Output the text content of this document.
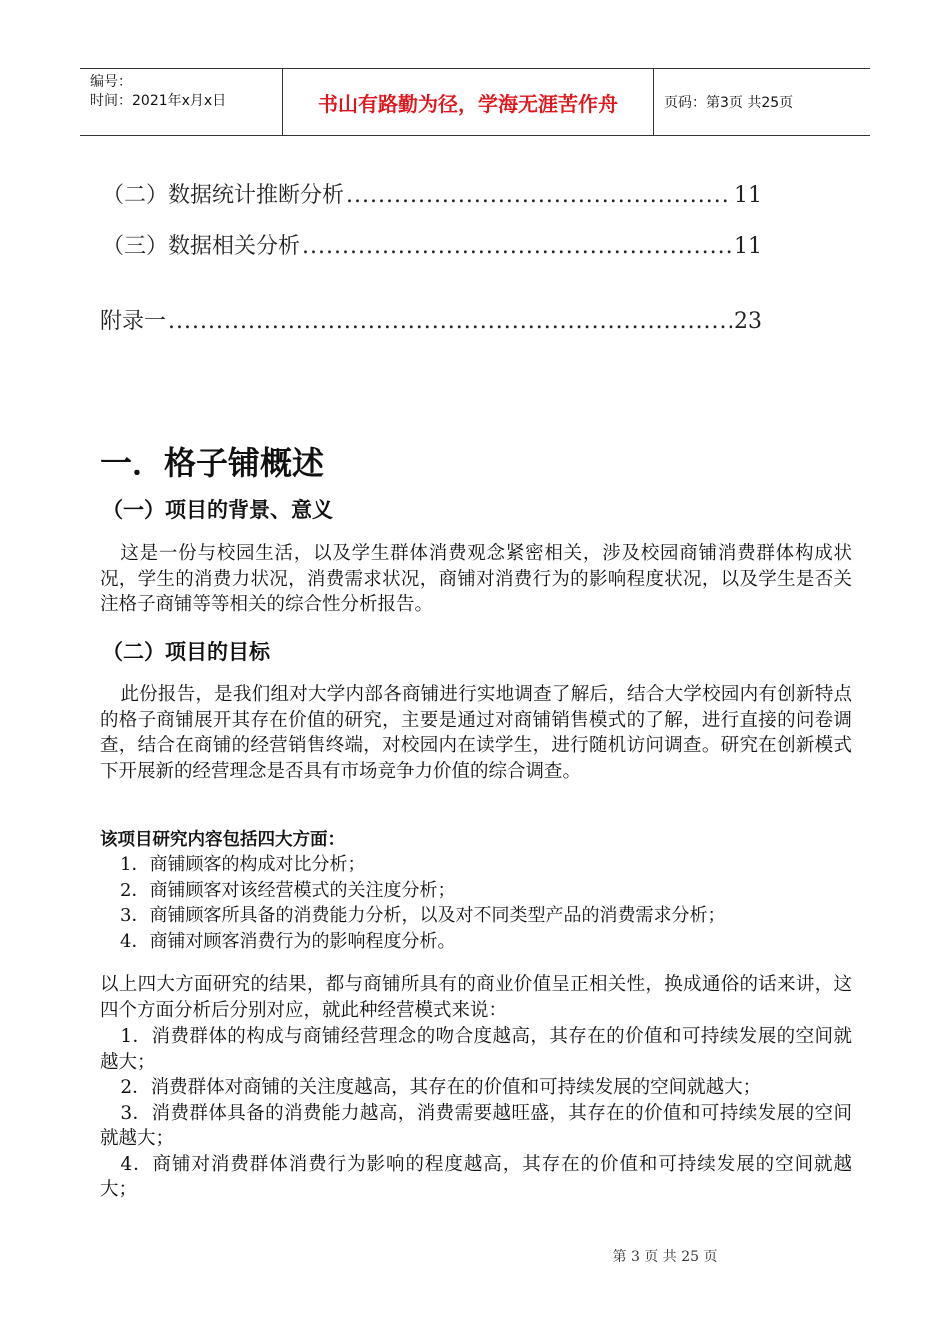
编号：
时间：2021年x月x日	书山有路勤为径，学海无涯苦作舟	页码：第3页 共25页
（二）数据统计推断分析 .....	11
（三）数据相关分析 .....	11
附录一 .....	23
一．格子铺概述
（一）项目的背景、意义
这是一份与校园生活，以及学生群体消费观念紧密相关，涉及校园商铺消费群体构成状况，学生的消费力状况，消费需求状况，商铺对消费行为的影响程度状况，以及学生是否关注格子商铺等等相关的综合性分析报告。
（二）项目的目标
此份报告，是我们组对大学内部各商铺进行实地调查了解后，结合大学校园内有创新特点的格子商铺展开其存在价值的研究，主要是通过对商铺销售模式的了解，进行直接的问卷调查，结合在商铺的经营销售终端，对校园内在读学生，进行随机访问调查。研究在创新模式下开展新的经营理念是否具有市场竞争力价值的综合调查。
该项目研究内容包括四大方面：
1．商铺顾客的构成对比分析；
2．商铺顾客对该经营模式的关注度分析；
3．商铺顾客所具备的消费能力分析，以及对不同类型产品的消费需求分析；
4．商铺对顾客消费行为的影响程度分析。
以上四大方面研究的结果，都与商铺所具有的商业价值呈正相关性，换成通俗的话来讲，这四个方面分析后分别对应，就此种经营模式来说：
1．消费群体的构成与商铺经营理念的吻合度越高，其存在的价值和可持续发展的空间就越大；
2．消费群体对商铺的关注度越高，其存在的价值和可持续发展的空间就越大；
3．消费群体具备的消费能力越高，消费需要越旺盛，其存在的价值和可持续发展的空间就越大；
4．商铺对消费群体消费行为影响的程度越高，其存在的价值和可持续发展的空间就越大；
第 3 页 共 25 页
